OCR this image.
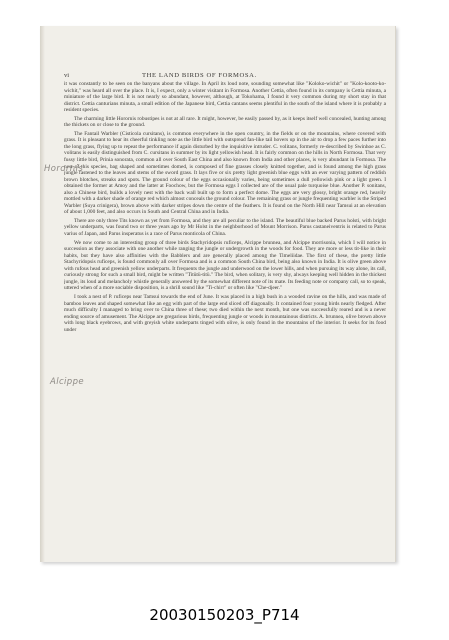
vi	THE LAND BIRDS OF FORMOSA.

it was constantly to be seen on the banyans about the village. In April its loud note, sounding somewhat like "Koloko-wichit" or "Kolo-kooto-ko-wichit," was heard all over the place. It is, I expect, only a winter visitant in Formosa. Another Cettia, often found in its company is Cettia minuta, a miniature of the large bird. It is not nearly so abundant, however, although, at Tokohama, I found it very common during my short stay in that district. Cettia canturians minuta, a small edition of the Japanese bird, Cettia cantans seems plentiful in the south of the island where it is probably a resident species.

The charming little Horornis robustipes is not at all rare. It might, however, be easily passed by, as it keeps itself well concealed, hunting among the thickets on or close to the ground.

The Fantail Warbler (Cisticola cursitans), is common everywhere in the open country, in the fields or on the mountains, where covered with grass. It is pleasant to hear its cheerful tinkling note as the little bird with outspread fan-like tail hovers up in the air to drop a few paces further into the long grass, flying up to repeat the performance if again disturbed by the inquisitive intruder. C. volitans, formerly re-described by Swinhoe as C. volitans is easily distinguished from C. cursitans in summer by its light yellowish head. It is fairly common on the hills in North Formosa. That very fussy little bird, Prinia sonorata, common all over South East China and also known from India and other places, is very abundant in Formosa. The nest of this species, bag shaped and sometimes domed, is composed of fine grasses closely knitted together, and is found among the high grass jungle fastened to the leaves and stems of the sword grass. It lays five or six pretty light greenish blue eggs with an ever varying pattern of reddish brown blotches, streaks and spots. The ground colour of the eggs occasionally varies, being sometimes a dull yellowish pink or a light green. I obtained the former at Amoy and the latter at Foochow, but the Formosa eggs I collected are of the usual pale turquoise blue. Another P. sonitans, also a Chinese bird, builds a lovely nest with the back wall built up to form a perfect dome. The eggs are very glossy, bright orange red, heavily mottled with a darker shade of orange red which almost conceals the ground colour. The remaining grass or jungle frequenting warbler is the Striped Warbler (Suya crinigera), brown above with darker stripes down the centre of the feathers. It is found on the North Hill near Tamsui at an elevation of about 1,000 feet, and also occurs in South and Central China and in India.

There are only three Tits known as yet from Formosa, and they are all peculiar to the island. The beautiful blue backed Parus holsti, with bright yellow underparts, was found two or three years ago by Mr Holst in the neighborhood of Mount Morrison. Parus castaneiventris is related to Parus varius of Japan, and Parus insperatus is a race of Parus monticola of China.

We now come to an interesting group of three birds Stachyridopsis ruficeps, Alcippe brunnea, and Alcippe morrisonia, which I will notice in succession as they associate with one another while ranging the jungle or undergrowth in the woods for food. They are more or less tit-like in their habits, but they have also affinities with the Babblers and are generally placed among the Timeliidae. The first of these, the pretty little Stachyridopsis ruficeps, is found commonly all over Formosa and is a common South China bird, being also known in India. It is olive green above with rufous head and greenish yellow underparts. It frequents the jungle and underwood on the lower hills, and when pursuing its way alone, its call, curiously strong for such a small bird, might be written "Titütü-titü." The bird, when solitary, is very shy, always keeping well hidden in the thickest jungle, its loud and melancholy whistle generally answered by the somewhat different note of its mate. Its feeding note or company call, so to speak, uttered when of a more sociable disposition, is a shrill sound like "Ti-chirr" or often like "Che-djeer."

I took a nest of P. ruficeps near Tamsui towards the end of June. It was placed in a high bush in a wooded ravine on the hills, and was made of bamboo leaves and shaped somewhat like an egg with part of the large end sliced off diagonally. It contained four young birds nearly fledged. After much difficulty I managed to bring over to China three of these; two died within the next month, but one was successfully reared and is a never ending source of amusement. The Alcippe are gregarious birds, frequenting jungle or woods in mountainous districts. A. brunnea, olive brown above with long black eyebrows, and with greyish white underparts tinged with olive, is only found in the mountains of the interior. It seeks for its food under

Horornis
Alcippe
20030150203_P714
